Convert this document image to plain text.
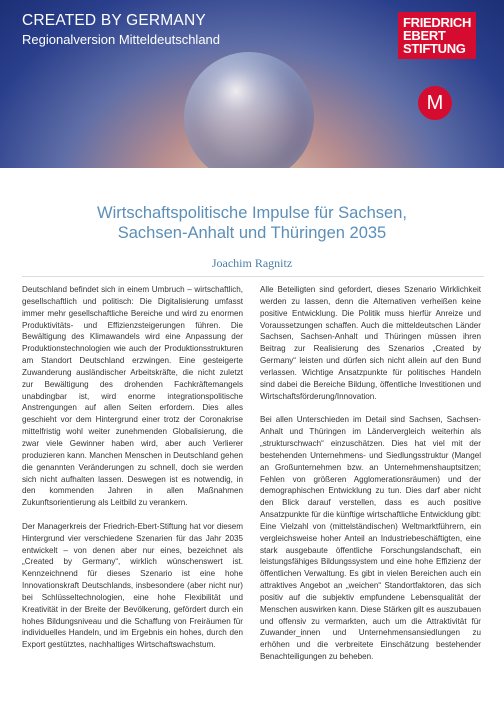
CREATED BY GERMANY

Regionalversion Mitteldeutschland

FRIEDRICH
EBERT
STIFTUNG
M

Wirtschaftspolitische Impulse für Sachsen,

Sachsen-Anhalt und Thüringen 2035

Joachim Ragnitz

Deutschland befindet sich in einem Umbruch – wirtschaftlich, gesellschaftlich und politisch: Die Digitalisierung umfasst immer mehr gesellschaftliche Bereiche und wird zu enormen Produktivitäts- und Effizienzsteigerungen führen. Die Bewältigung des Klimawandels wird eine Anpassung der Produktionstechnologien wie auch der Produktionsstrukturen am Standort Deutschland erzwingen. Eine gesteigerte Zuwanderung ausländischer Arbeitskräfte, die nicht zuletzt zur Bewältigung des drohenden Fachkräftemangels unabdingbar ist, wird enorme integrationspolitische Anstrengungen auf allen Seiten erfordern. Dies alles geschieht vor dem Hintergrund einer trotz der Coronakrise mittelfristig wohl weiter zunehmenden Globalisierung, die zwar viele Gewinner haben wird, aber auch Verlierer produzieren kann. Manchen Menschen in Deutschland gehen die genannten Veränderungen zu schnell, doch sie werden sich nicht aufhalten lassen. Deswegen ist es notwendig, in den kommenden Jahren in allen Maßnahmen Zukunftsorientierung als Leitbild zu verankern.

Der Managerkreis der Friedrich-Ebert-Stiftung hat vor diesem Hintergrund vier verschiedene Szenarien für das Jahr 2035 entwickelt – von denen aber nur eines, bezeichnet als „Created by Germany“, wirklich wünschenswert ist. Kennzeichnend für dieses Szenario ist eine hohe Innovationskraft Deutschlands, insbesondere (aber nicht nur) bei Schlüsseltechnologien, eine hohe Flexibilität und Kreativität in der Breite der Bevölkerung, gefördert durch ein hohes Bildungsniveau und die Schaffung von Freiräumen für individuelles Handeln, und im Ergebnis ein hohes, durch den Export gestütztes, nachhaltiges Wirtschaftswachstum.

Alle Beteiligten sind gefordert, dieses Szenario Wirklichkeit werden zu lassen, denn die Alternativen verheißen keine positive Entwicklung. Die Politik muss hierfür Anreize und Voraussetzungen schaffen. Auch die mitteldeutschen Länder Sachsen, Sachsen-Anhalt und Thüringen müssen ihren Beitrag zur Realisierung des Szenarios „Created by Germany“ leisten und dürfen sich nicht allein auf den Bund verlassen. Wichtige Ansatzpunkte für politisches Handeln sind dabei die Bereiche Bildung, öffentliche Investitionen und Wirtschaftsförderung/Innovation.

Bei allen Unterschieden im Detail sind Sachsen, Sachsen-Anhalt und Thüringen im Ländervergleich weiterhin als „strukturschwach“ einzuschätzen. Dies hat viel mit der bestehenden Unternehmens- und Siedlungsstruktur (Mangel an Großunternehmen bzw. an Unternehmenshauptsitzen; Fehlen von größeren Agglomerationsräumen) und der demographischen Entwicklung zu tun. Dies darf aber nicht den Blick darauf verstellen, dass es auch positive Ansatzpunkte für die künftige wirtschaftliche Entwicklung gibt: Eine Vielzahl von (mittelständischen) Weltmarktführern, ein vergleichsweise hoher Anteil an Industriebeschäftigten, eine stark ausgebaute öffentliche Forschungslandschaft, ein leistungsfähiges Bildungssystem und eine hohe Effizienz der öffentlichen Verwaltung. Es gibt in vielen Bereichen auch ein attraktives Angebot an „weichen“ Standortfaktoren, das sich positiv auf die subjektiv empfundene Lebensqualität der Menschen auswirken kann. Diese Stärken gilt es auszubauen und offensiv zu vermarkten, auch um die Attraktivität für Zuwander_innen und Unternehmensansiedlungen zu erhöhen und die verbreitete Einschätzung bestehender Benachteiligungen zu beheben.
